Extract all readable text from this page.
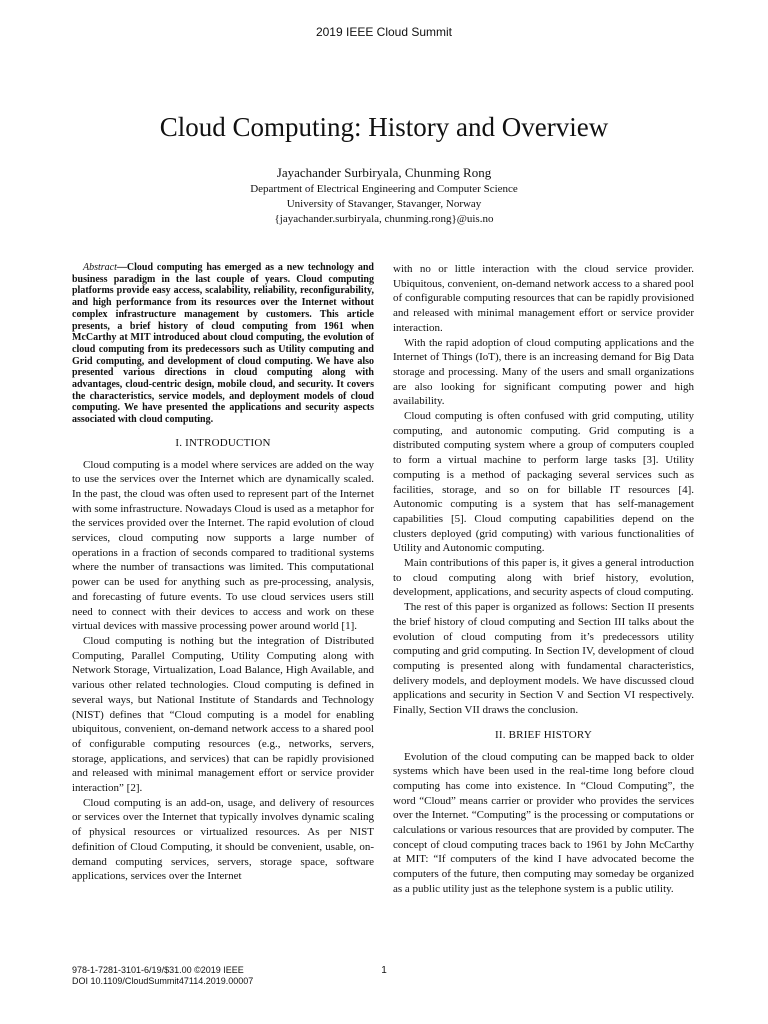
2019 IEEE Cloud Summit
Cloud Computing: History and Overview
Jayachander Surbiryala, Chunming Rong
Department of Electrical Engineering and Computer Science
University of Stavanger, Stavanger, Norway
{jayachander.surbiryala, chunming.rong}@uis.no

Abstract—Cloud computing has emerged as a new technology and business paradigm in the last couple of years. Cloud computing platforms provide easy access, scalability, reliability, reconfigurability, and high performance from its resources over the Internet without complex infrastructure management by customers. This article presents, a brief history of cloud computing from 1961 when McCarthy at MIT introduced about cloud computing, the evolution of cloud computing from its predecessors such as Utility computing and Grid computing, and development of cloud computing. We have also presented various directions in cloud computing along with advantages, cloud-centric design, mobile cloud, and security. It covers the characteristics, service models, and deployment models of cloud computing. We have presented the applications and security aspects associated with cloud computing.

I. INTRODUCTION

Cloud computing is a model where services are added on the way to use the services over the Internet which are dynamically scaled. In the past, the cloud was often used to represent part of the Internet with some infrastructure. Nowadays Cloud is used as a metaphor for the services provided over the Internet. The rapid evolution of cloud services, cloud computing now supports a large number of operations in a fraction of seconds compared to traditional systems where the number of transactions was limited. This computational power can be used for anything such as pre-processing, analysis, and forecasting of future events. To use cloud services users still need to connect with their devices to access and work on these virtual devices with massive processing power around world [1].

Cloud computing is nothing but the integration of Distributed Computing, Parallel Computing, Utility Computing along with Network Storage, Virtualization, Load Balance, High Available, and various other related technologies. Cloud computing is defined in several ways, but National Institute of Standards and Technology (NIST) defines that “Cloud computing is a model for enabling ubiquitous, convenient, on-demand network access to a shared pool of configurable computing resources (e.g., networks, servers, storage, applications, and services) that can be rapidly provisioned and released with minimal management effort or service provider interaction” [2].

Cloud computing is an add-on, usage, and delivery of resources or services over the Internet that typically involves dynamic scaling of physical resources or virtualized resources. As per NIST definition of Cloud Computing, it should be convenient, usable, on-demand computing services, servers, storage space, software applications, services over the Internet

with no or little interaction with the cloud service provider. Ubiquitous, convenient, on-demand network access to a shared pool of configurable computing resources that can be rapidly provisioned and released with minimal management effort or service provider interaction.

With the rapid adoption of cloud computing applications and the Internet of Things (IoT), there is an increasing demand for Big Data storage and processing. Many of the users and small organizations are also looking for significant computing power and high availability.

Cloud computing is often confused with grid computing, utility computing, and autonomic computing. Grid computing is a distributed computing system where a group of computers coupled to form a virtual machine to perform large tasks [3]. Utility computing is a method of packaging several services such as facilities, storage, and so on for billable IT resources [4]. Autonomic computing is a system that has self-management capabilities [5]. Cloud computing capabilities depend on the clusters deployed (grid computing) with various functionalities of Utility and Autonomic computing.

Main contributions of this paper is, it gives a general introduction to cloud computing along with brief history, evolution, development, applications, and security aspects of cloud computing.

The rest of this paper is organized as follows: Section II presents the brief history of cloud computing and Section III talks about the evolution of cloud computing from it’s predecessors utility computing and grid computing. In Section IV, development of cloud computing is presented along with fundamental characteristics, delivery models, and deployment models. We have discussed cloud applications and security in Section V and Section VI respectively. Finally, Section VII draws the conclusion.

II. BRIEF HISTORY

Evolution of the cloud computing can be mapped back to older systems which have been used in the real-time long before cloud computing has come into existence. In “Cloud Computing”, the word “Cloud” means carrier or provider who provides the services over the Internet. “Computing” is the processing or computations or calculations or various resources that are provided by computer. The concept of cloud computing traces back to 1961 by John McCarthy at MIT: “If computers of the kind I have advocated become the computers of the future, then computing may someday be organized as a public utility just as the telephone system is a public utility.

978-1-7281-3101-6/19/$31.00 ©2019 IEEE
DOI 10.1109/CloudSummit47114.2019.00007
1
